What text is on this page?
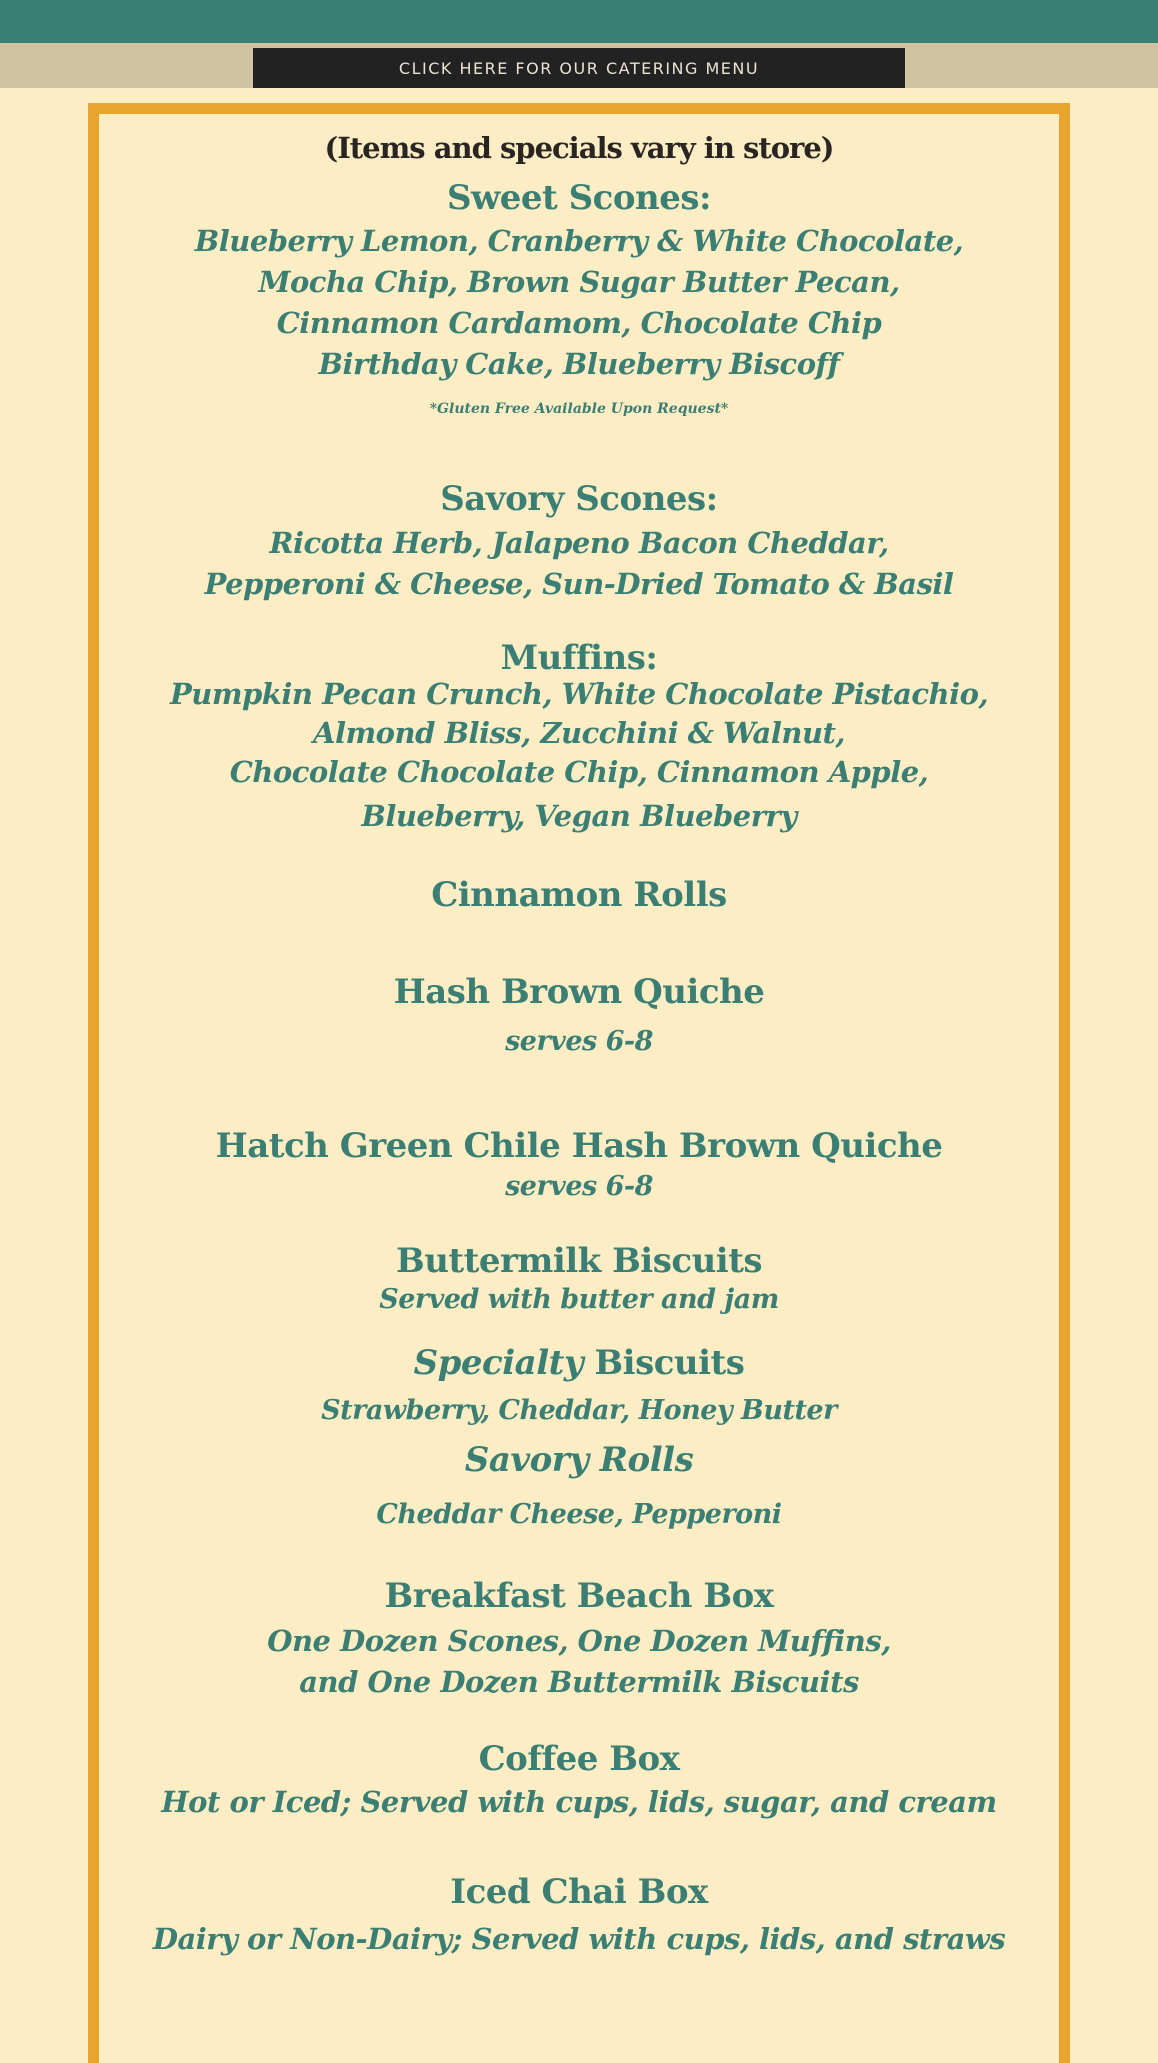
CLICK HERE FOR OUR CATERING MENU
(Items and specials vary in store)
Sweet Scones:
Blueberry Lemon, Cranberry & White Chocolate,
Mocha Chip, Brown Sugar Butter Pecan,
Cinnamon Cardamom, Chocolate Chip
Birthday Cake, Blueberry Biscoff
*Gluten Free Available Upon Request*
Savory Scones:
Ricotta Herb, Jalapeno Bacon Cheddar,
Pepperoni & Cheese, Sun-Dried Tomato & Basil
Muffins:
Pumpkin Pecan Crunch, White Chocolate Pistachio,
Almond Bliss, Zucchini & Walnut,
Chocolate Chocolate Chip, Cinnamon Apple,
Blueberry, Vegan Blueberry
Cinnamon Rolls
Hash Brown Quiche
serves 6-8
Hatch Green Chile Hash Brown Quiche
serves 6-8
Buttermilk Biscuits
Served with butter and jam
Specialty Biscuits
Strawberry, Cheddar, Honey Butter
Savory Rolls
Cheddar Cheese, Pepperoni
Breakfast Beach Box
One Dozen Scones, One Dozen Muffins,
and One Dozen Buttermilk Biscuits
Coffee Box
Hot or Iced; Served with cups, lids, sugar, and cream
Iced Chai Box
Dairy or Non-Dairy; Served with cups, lids, and straws
